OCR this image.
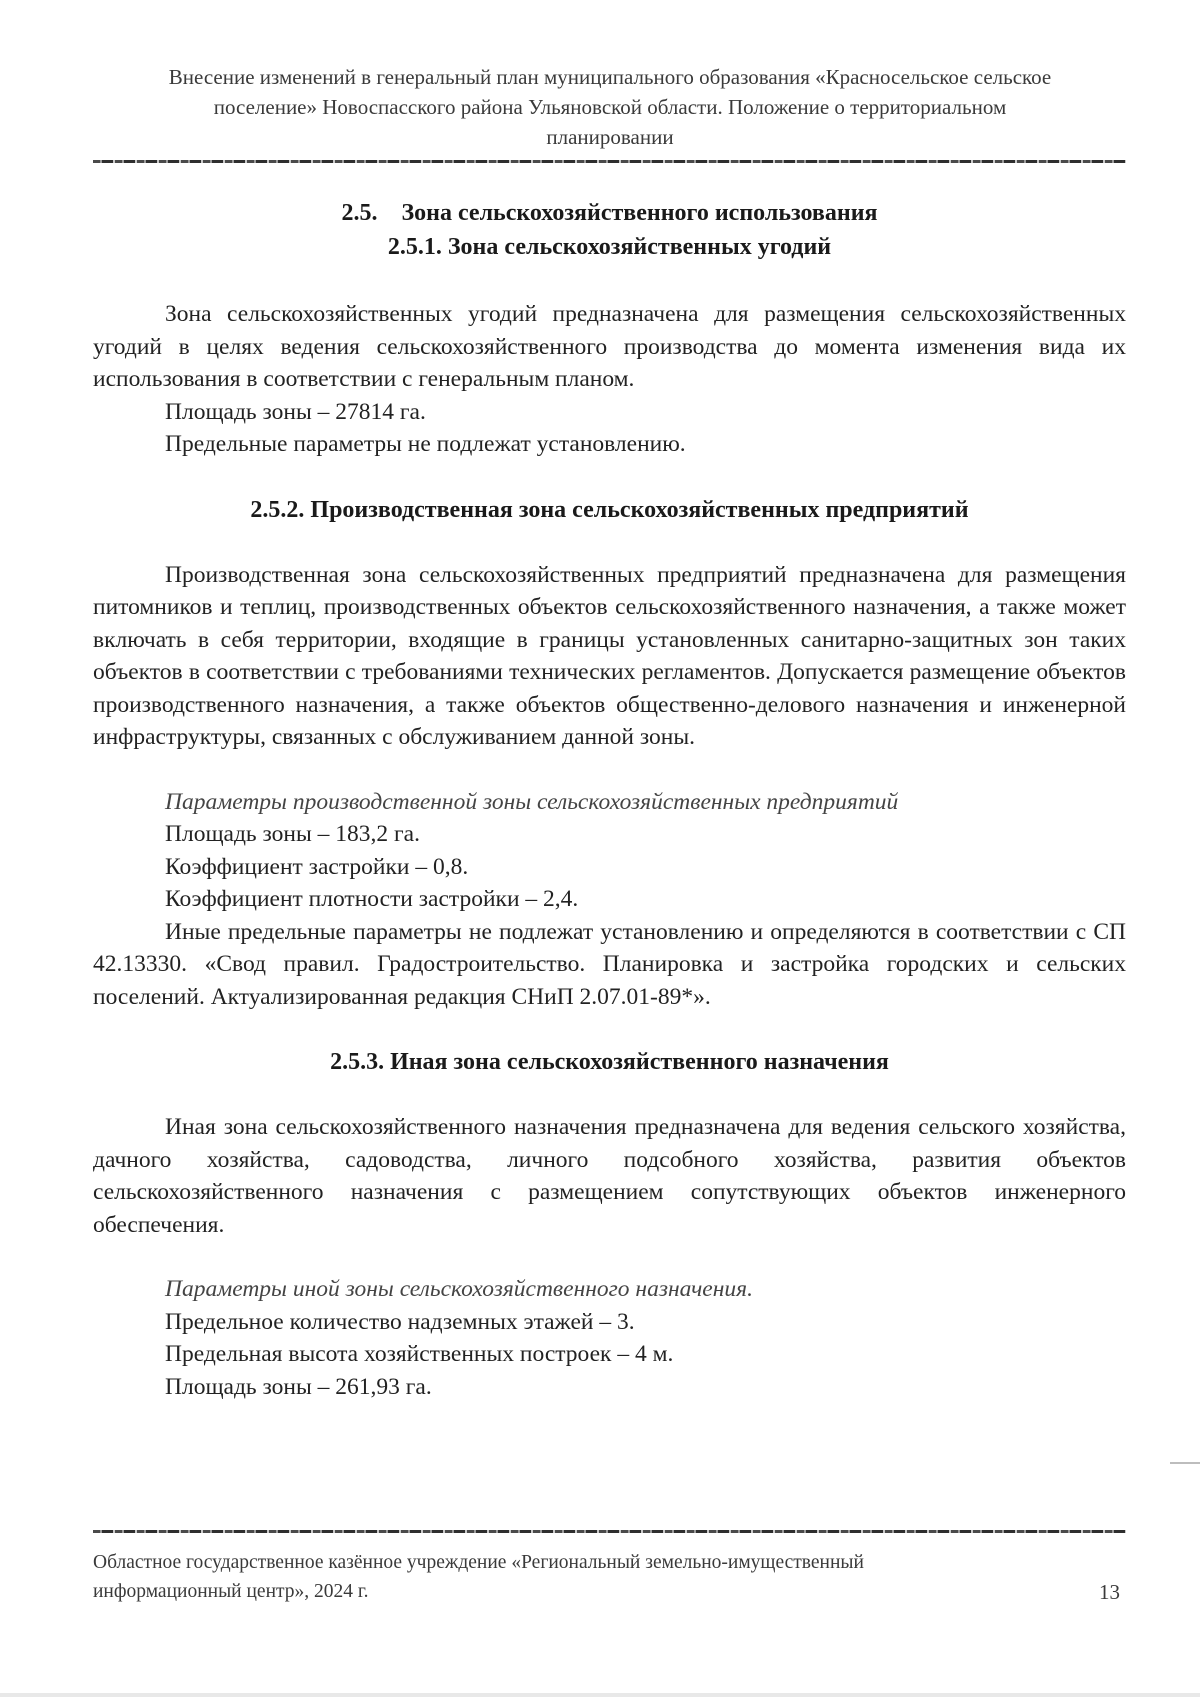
Внесение изменений в генеральный план муниципального образования «Красносельское сельское
поселение» Новоспасского района Ульяновской области. Положение о территориальном
планировании
2.5.    Зона сельскохозяйственного использования
2.5.1. Зона сельскохозяйственных угодий

Зона сельскохозяйственных угодий предназначена для размещения сельскохозяйственных угодий в целях ведения сельскохозяйственного производства до момента изменения вида их использования в соответствии с генеральным планом.

Площадь зоны – 27814 га.

Предельные параметры не подлежат установлению.

2.5.2. Производственная зона сельскохозяйственных предприятий

Производственная зона сельскохозяйственных предприятий предназначена для размещения питомников и теплиц, производственных объектов сельскохозяйственного назначения, а также может включать в себя территории, входящие в границы установленных санитарно-защитных зон таких объектов в соответствии с требованиями технических регламентов. Допускается размещение объектов производственного назначения, а также объектов общественно-делового назначения и инженерной инфраструктуры, связанных с обслуживанием данной зоны.

Параметры производственной зоны сельскохозяйственных предприятий

Площадь зоны – 183,2 га.

Коэффициент застройки – 0,8.

Коэффициент плотности застройки – 2,4.

Иные предельные параметры не подлежат установлению и определяются в соответствии с СП 42.13330. «Свод правил. Градостроительство. Планировка и застройка городских и сельских поселений. Актуализированная редакция СНиП 2.07.01-89*».

2.5.3. Иная зона сельскохозяйственного назначения

Иная зона сельскохозяйственного назначения предназначена для ведения сельского хозяйства, дачного хозяйства, садоводства, личного подсобного хозяйства, развития объектов сельскохозяйственного назначения с размещением сопутствующих объектов инженерного обеспечения.

Параметры иной зоны сельскохозяйственного назначения.

Предельное количество надземных этажей – 3.

Предельная высота хозяйственных построек – 4 м.

Площадь зоны – 261,93 га.

Областное государственное казённое учреждение «Региональный земельно-имущественный
информационный центр», 2024 г.	13
